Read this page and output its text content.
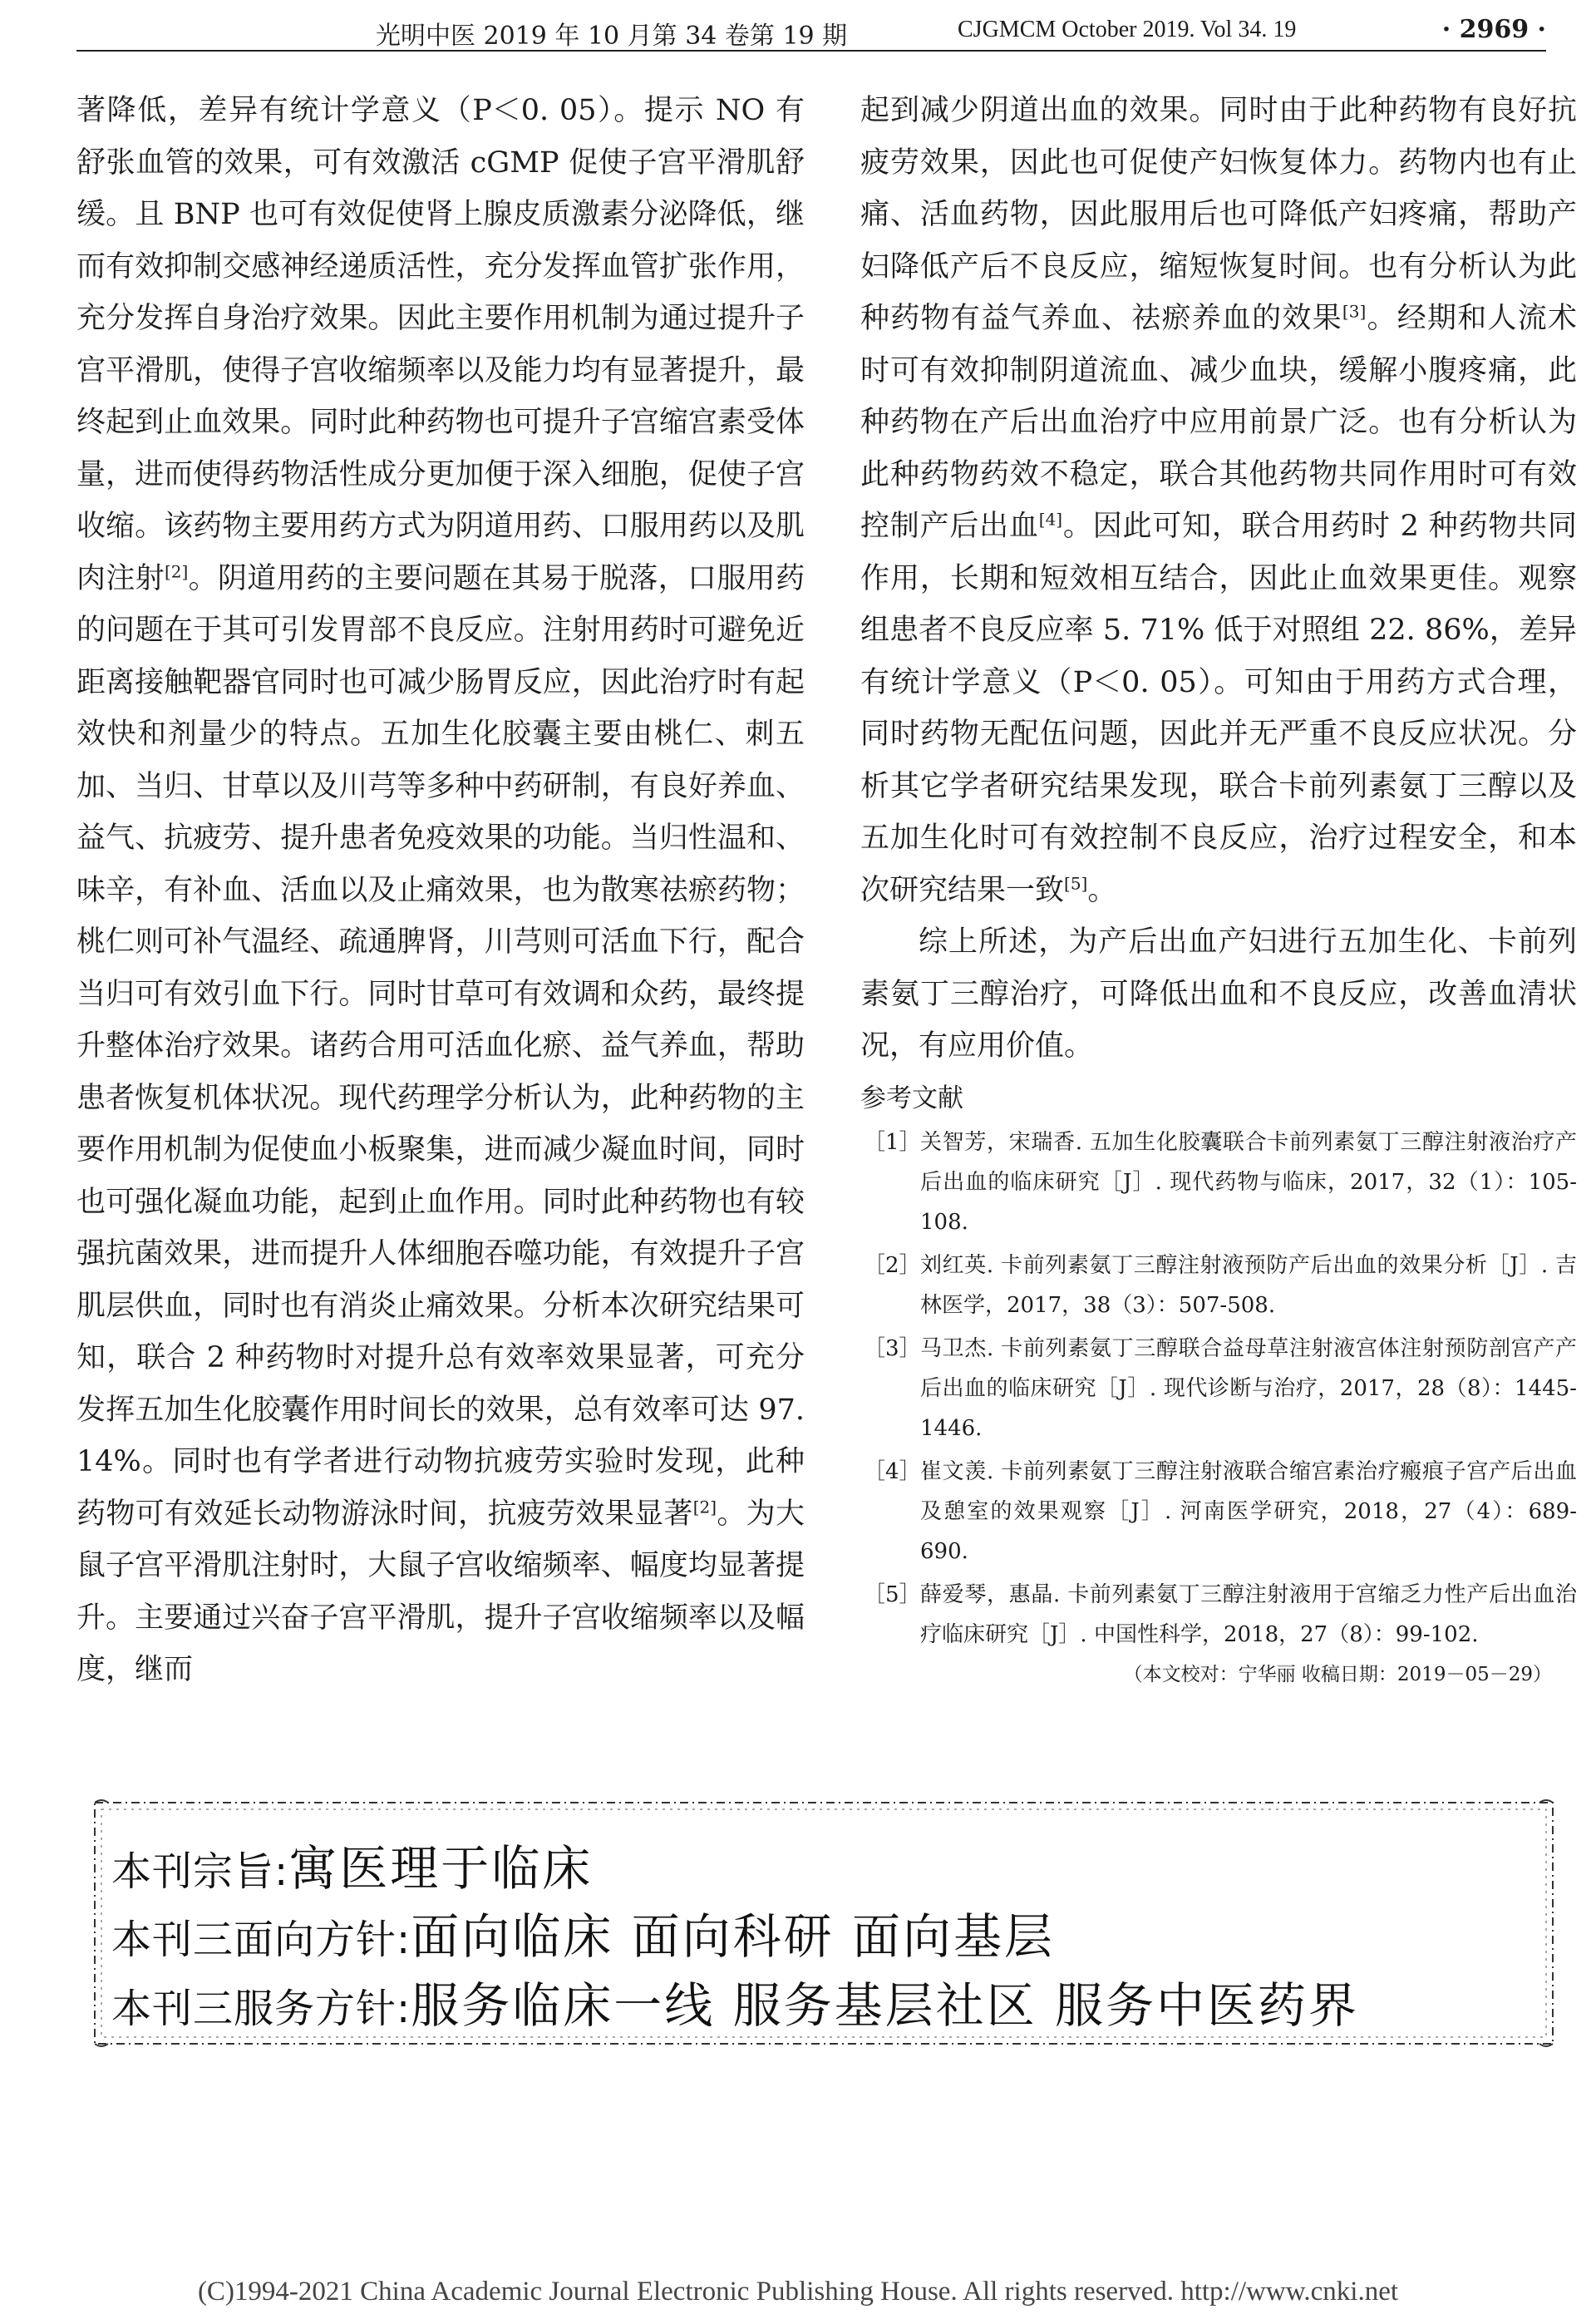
光明中医 2019 年 10 月第 34 卷第 19 期	CJGMCM October 2019. Vol 34. 19	· 2969 ·

著降低，差异有统计学意义（P＜0. 05）。提示 NO 有舒张血管的效果，可有效激活 cGMP 促使子宫平滑肌舒缓。且 BNP 也可有效促使肾上腺皮质激素分泌降低，继而有效抑制交感神经递质活性，充分发挥血管扩张作用，充分发挥自身治疗效果。因此主要作用机制为通过提升子宫平滑肌，使得子宫收缩频率以及能力均有显著提升，最终起到止血效果。同时此种药物也可提升子宫缩宫素受体量，进而使得药物活性成分更加便于深入细胞，促使子宫收缩。该药物主要用药方式为阴道用药、口服用药以及肌肉注射[2]。阴道用药的主要问题在其易于脱落，口服用药的问题在于其可引发胃部不良反应。注射用药时可避免近距离接触靶器官同时也可减少肠胃反应，因此治疗时有起效快和剂量少的特点。五加生化胶囊主要由桃仁、刺五加、当归、甘草以及川芎等多种中药研制，有良好养血、益气、抗疲劳、提升患者免疫效果的功能。当归性温和、味辛，有补血、活血以及止痛效果，也为散寒祛瘀药物；桃仁则可补气温经、疏通脾肾，川芎则可活血下行，配合当归可有效引血下行。同时甘草可有效调和众药，最终提升整体治疗效果。诸药合用可活血化瘀、益气养血，帮助患者恢复机体状况。现代药理学分析认为，此种药物的主要作用机制为促使血小板聚集，进而减少凝血时间，同时也可强化凝血功能，起到止血作用。同时此种药物也有较强抗菌效果，进而提升人体细胞吞噬功能，有效提升子宫肌层供血，同时也有消炎止痛效果。分析本次研究结果可知，联合 2 种药物时对提升总有效率效果显著，可充分发挥五加生化胶囊作用时间长的效果，总有效率可达 97. 14%。同时也有学者进行动物抗疲劳实验时发现，此种药物可有效延长动物游泳时间，抗疲劳效果显著[2]。为大鼠子宫平滑肌注射时，大鼠子宫收缩频率、幅度均显著提升。主要通过兴奋子宫平滑肌，提升子宫收缩频率以及幅度，继而

起到减少阴道出血的效果。同时由于此种药物有良好抗疲劳效果，因此也可促使产妇恢复体力。药物内也有止痛、活血药物，因此服用后也可降低产妇疼痛，帮助产妇降低产后不良反应，缩短恢复时间。也有分析认为此种药物有益气养血、祛瘀养血的效果[3]。经期和人流术时可有效抑制阴道流血、减少血块，缓解小腹疼痛，此种药物在产后出血治疗中应用前景广泛。也有分析认为此种药物药效不稳定，联合其他药物共同作用时可有效控制产后出血[4]。因此可知，联合用药时 2 种药物共同作用，长期和短效相互结合，因此止血效果更佳。观察组患者不良反应率 5. 71% 低于对照组 22. 86%，差异有统计学意义（P＜0. 05）。可知由于用药方式合理，同时药物无配伍问题，因此并无严重不良反应状况。分析其它学者研究结果发现，联合卡前列素氨丁三醇以及五加生化时可有效控制不良反应，治疗过程安全，和本次研究结果一致[5]。

综上所述，为产后出血产妇进行五加生化、卡前列素氨丁三醇治疗，可降低出血和不良反应，改善血清状况，有应用价值。

参考文献
［1］ 关智芳，宋瑞香. 五加生化胶囊联合卡前列素氨丁三醇注射液治疗产后出血的临床研究［J］. 现代药物与临床，2017，32（1）：105-108.
［2］ 刘红英. 卡前列素氨丁三醇注射液预防产后出血的效果分析［J］. 吉林医学，2017，38（3）：507-508.
［3］ 马卫杰. 卡前列素氨丁三醇联合益母草注射液宫体注射预防剖宫产产后出血的临床研究［J］. 现代诊断与治疗，2017，28（8）：1445-1446.
［4］ 崔文羡. 卡前列素氨丁三醇注射液联合缩宫素治疗瘢痕子宫产后出血及憩室的效果观察［J］. 河南医学研究，2018，27（4）：689-690.
［5］ 薛爱琴，惠晶. 卡前列素氨丁三醇注射液用于宫缩乏力性产后出血治疗临床研究［J］. 中国性科学，2018，27（8）：99-102.
（本文校对：宁华丽 收稿日期：2019－05－29）
本刊宗旨:寓医理于临床
本刊三面向方针:面向临床 面向科研 面向基层
本刊三服务方针:服务临床一线 服务基层社区 服务中医药界
(C)1994-2021 China Academic Journal Electronic Publishing House. All rights reserved. http://www.cnki.net
